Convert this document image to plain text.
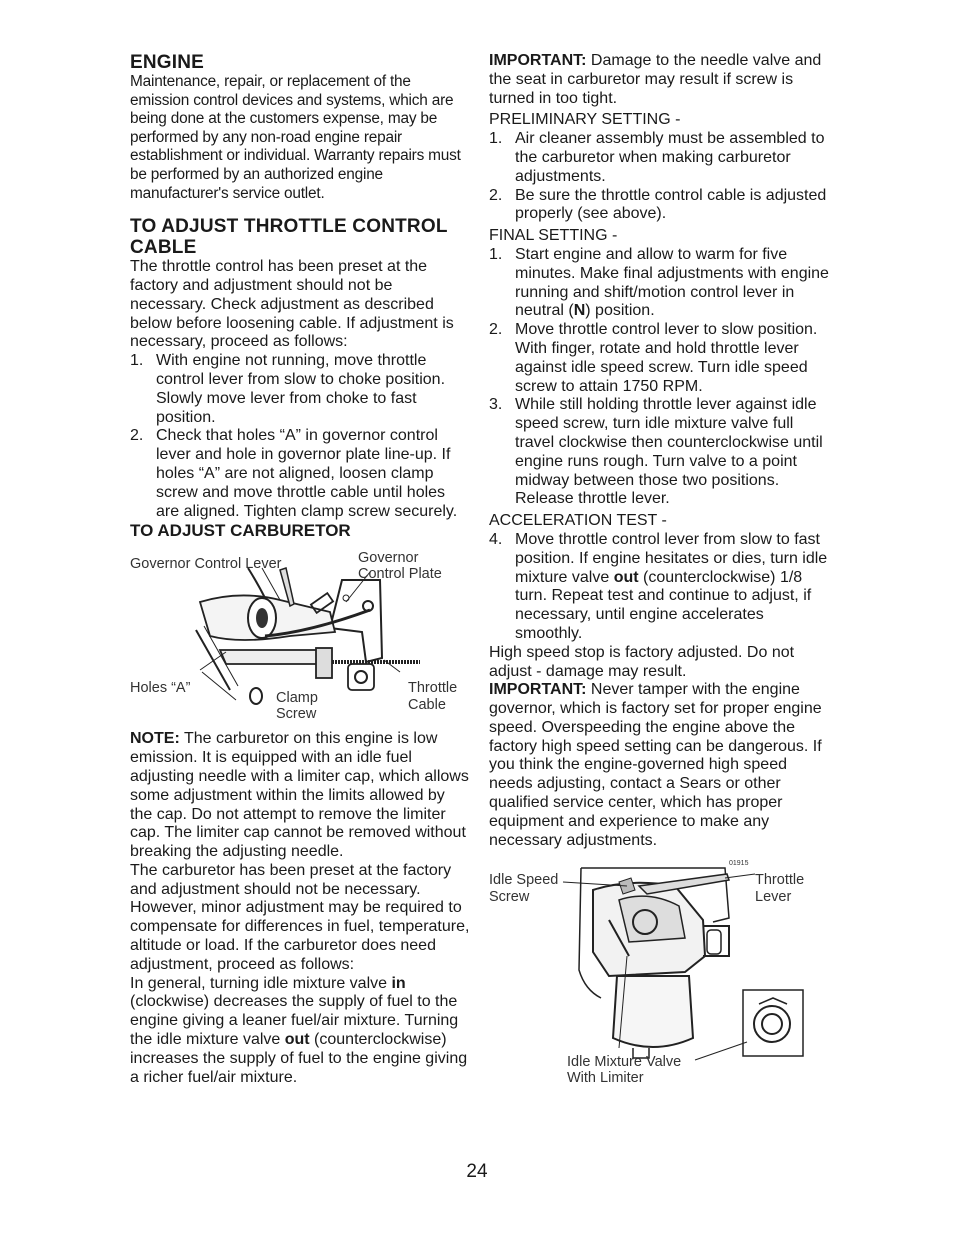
ENGINE

Maintenance, repair, or replacement of the emission control devices and systems, which are being done at the customers expense, may be performed by any non-road engine repair establishment or individual. Warranty repairs must be performed by an authorized engine manufacturer's service outlet.

TO ADJUST THROTTLE CONTROL CABLE

The throttle control has been preset at the factory and adjustment should not be necessary. Check adjustment as described below before loosening cable. If adjustment is necessary, proceed as follows:

1. With engine not running, move throttle control lever from slow to choke position. Slowly move lever from choke to fast position.
2. Check that holes “A” in governor control lever and hole in governor plate line-up. If holes “A” are not aligned, loosen clamp screw and move throttle cable until holes are aligned. Tighten clamp screw securely.
TO ADJUST CARBURETOR
Governor Control Lever	Governor
Control Plate
Holes “A”
Clamp
Screw
Throttle
Cable

NOTE: The carburetor on this engine is low emission. It is equipped with an idle fuel adjusting needle with a limiter cap, which allows some adjustment within the limits allowed by the cap. Do not attempt to remove the limiter cap. The limiter cap cannot be removed without breaking the adjusting needle.

The carburetor has been preset at the factory and adjustment should not be necessary. However, minor adjustment may be required to compensate for differences in fuel, temperature, altitude or load. If the carburetor does need adjustment, proceed as follows:

In general, turning idle mixture valve in (clockwise) decreases the supply of fuel to the engine giving a leaner fuel/air mixture. Turning the idle mixture valve out (counterclockwise) increases the supply of fuel to the engine giving a richer fuel/air mixture.

IMPORTANT: Damage to the needle valve and the seat in carburetor may result if screw is turned in too tight.

PRELIMINARY SETTING -

1. Air cleaner assembly must be assembled to the carburetor when making carburetor adjustments.
2. Be sure the throttle control cable is adjusted properly (see above).

FINAL SETTING -

1. Start engine and allow to warm for five minutes. Make final adjustments with engine running and shift/motion control lever in neutral (N) position.
2. Move throttle control lever to slow position. With finger, rotate and hold throttle lever against idle speed screw. Turn idle speed screw to attain 1750 RPM.
3. While still holding throttle lever against idle speed screw, turn idle mixture valve full travel clockwise then counterclockwise until engine runs rough. Turn valve to a point midway between those two positions. Release throttle lever.

ACCELERATION TEST -

4. Move throttle control lever from slow to fast position. If engine hesitates or dies, turn idle mixture valve out (counterclockwise) 1/8 turn. Repeat test and continue to adjust, if necessary, until engine accelerates smoothly.

High speed stop is factory adjusted. Do not adjust - damage may result.

IMPORTANT: Never tamper with the engine governor, which is factory set for proper engine speed. Overspeeding the engine above the factory high speed setting can be dangerous. If you think the engine-governed high speed needs adjusting, contact a Sears or other qualified service center, which has proper equipment and experience to make any necessary adjustments.

Idle Speed
Screw
Throttle
Lever
01915
Idle Mixture Valve
With Limiter
24
